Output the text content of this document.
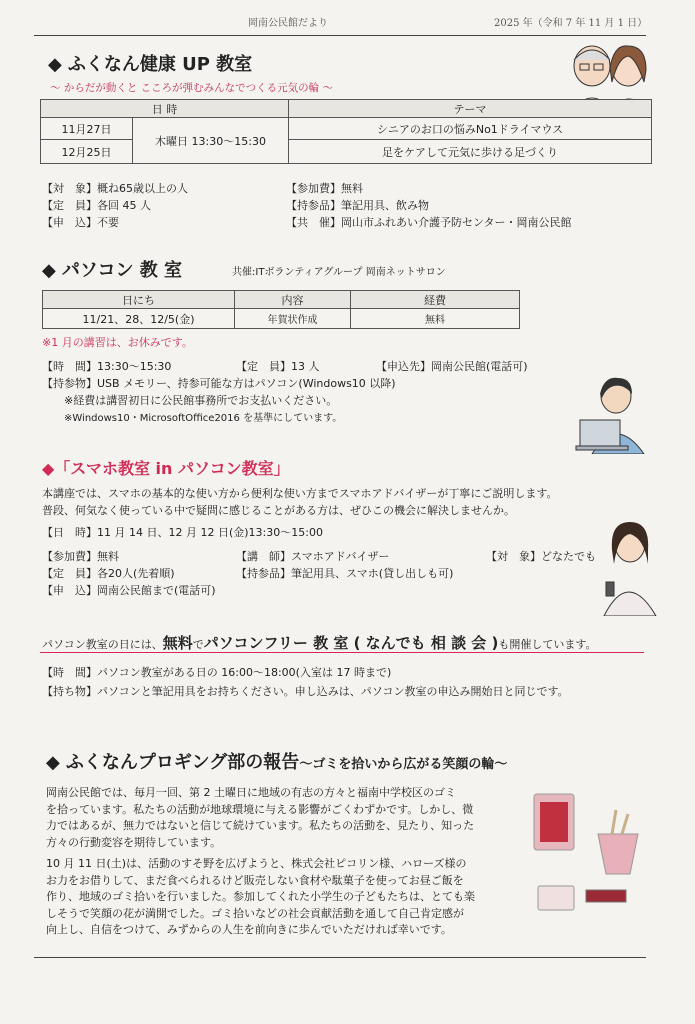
岡南公民館だより	2025 年（令和 7 年 11 月 1 日）
◆ ふくなん健康 UP 教室
～ からだが動くと こころが弾むみんなでつくる元気の輪 ～
日 時		テーマ
11月27日	木曜日 13:30～15:30	シニアのお口の悩みNo1ドライマウス
12月25日		足をケアして元気に歩ける足づくり
【対　象】概ね65歳以上の人
【定　員】各回 45 人
【申　込】不要
【参加費】無料
【持参品】筆記用具、飲み物
【共　催】岡山市ふれあい介護予防センター・岡南公民館
◆ パソコン 教 室	共催:ITボランティアグループ 岡南ネットサロン
日にち	内容	経費
11/21、28、12/5(金)	年賀状作成	無料
※1 月の講習は、お休みです。
【時　間】13:30～15:30	【定　員】13 人	【申込先】岡南公民館(電話可)
【持参物】USB メモリー、持参可能な方はパソコン(Windows10 以降)
※経費は講習初日に公民館事務所でお支払いください。
※Windows10・MicrosoftOffice2016 を基準にしています。
◆「スマホ教室 in パソコン教室」
本講座では、スマホの基本的な使い方から便利な使い方までスマホアドバイザーが丁寧にご説明します。
普段、何気なく使っている中で疑問に感じることがある方は、ぜひこの機会に解決しませんか。
【日　時】11 月 14 日、12 月 12 日(金)13:30～15:00
【参加費】無料	【講　師】スマホアドバイザー	【対　象】どなたでも
【定　員】各20人(先着順)	【持参品】筆記用具、スマホ(貸し出しも可)
【申　込】岡南公民館まで(電話可)
パソコン教室の日には、無料でパソコンフリー 教 室 ( なんでも 相 談 会 )も開催しています。
【時　間】パソコン教室がある日の 16:00～18:00(入室は 17 時まで)
【持ち物】パソコンと筆記用具をお持ちください。申し込みは、パソコン教室の申込み開始日と同じです。
◆ ふくなんプロギング部の報告～ゴミを拾いから広がる笑顔の輪～
岡南公民館では、毎月一回、第 2 土曜日に地域の有志の方々と福南中学校区のゴミ
を拾っています。私たちの活動が地球環境に与える影響がごくわずかです。しかし、微
力ではあるが、無力ではないと信じて続けています。私たちの活動を、見たり、知った
方々の行動変容を期待しています。
10 月 11 日(土)は、活動のすそ野を広げようと、株式会社ピコリン様、ハローズ様の
お力をお借りして、まだ食べられるけど販売しない食材や駄菓子を使ってお昼ご飯を
作り、地域のゴミ拾いを行いました。参加してくれた小学生の子どもたちは、とても楽
しそうで笑顔の花が満開でした。ゴミ拾いなどの社会貢献活動を通して自己肯定感が
向上し、自信をつけて、みずからの人生を前向きに歩んでいただければ幸いです。
